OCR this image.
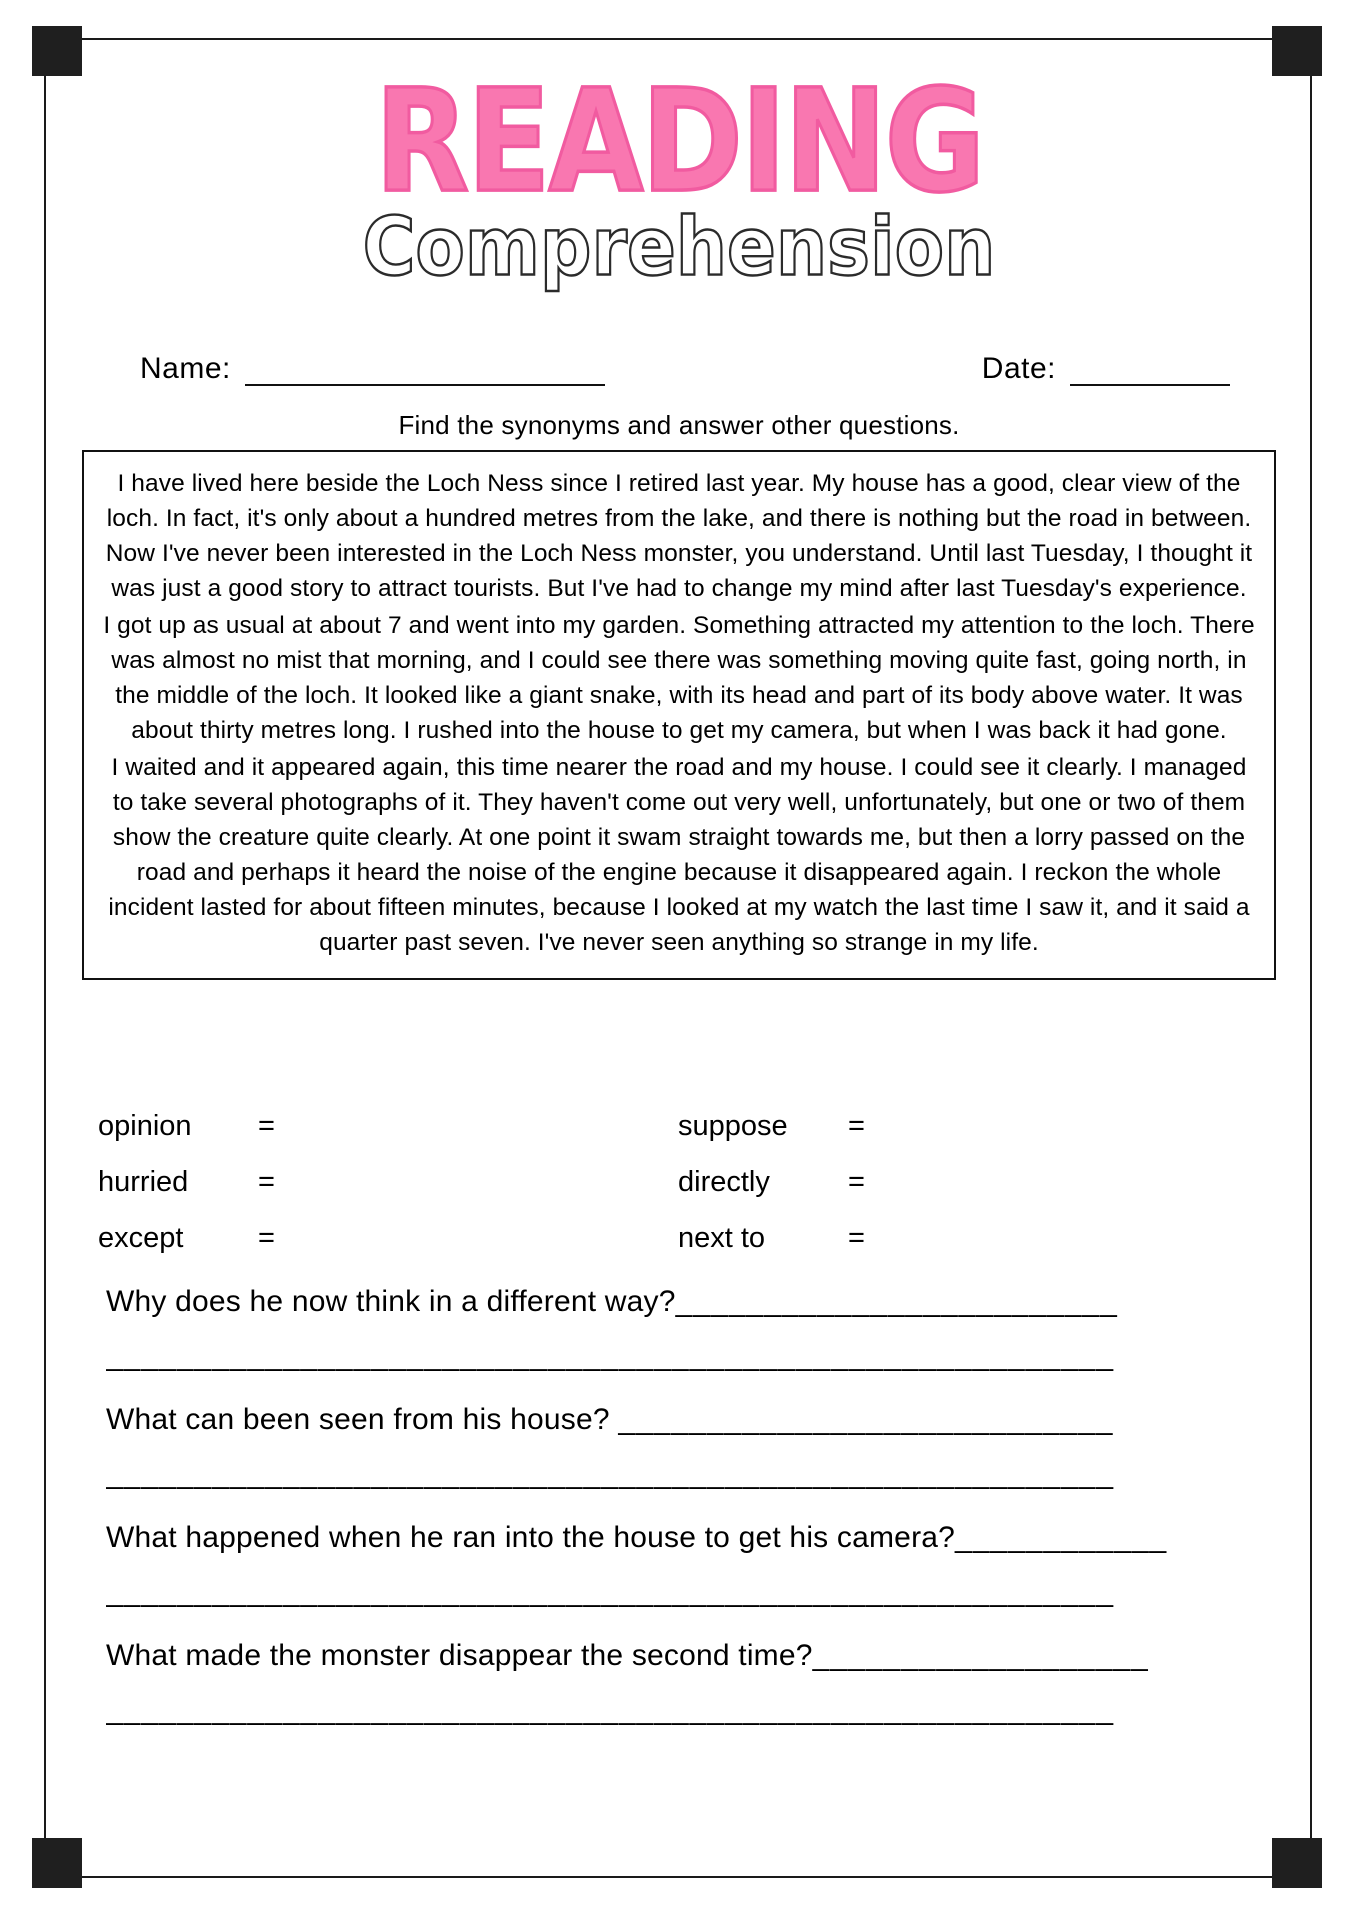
READING
Comprehension
Name:	Date:
Find the synonyms and answer other questions.

I have lived here beside the Loch Ness since I retired last year. My house has a good, clear view of the loch. In fact, it's only about a hundred metres from the lake, and there is nothing but the road in between. Now I've never been interested in the Loch Ness monster, you understand. Until last Tuesday, I thought it was just a good story to attract tourists. But I've had to change my mind after last Tuesday's experience.

I got up as usual at about 7 and went into my garden. Something attracted my attention to the loch. There was almost no mist that morning, and I could see there was something moving quite fast, going north, in the middle of the loch. It looked like a giant snake, with its head and part of its body above water. It was about thirty metres long. I rushed into the house to get my camera, but when I was back it had gone.

I waited and it appeared again, this time nearer the road and my house. I could see it clearly. I managed to take several photographs of it. They haven't come out very well, unfortunately, but one or two of them show the creature quite clearly. At one point it swam straight towards me, but then a lorry passed on the road and perhaps it heard the noise of the engine because it disappeared again. I reckon the whole incident lasted for about fifteen minutes, because I looked at my watch the last time I saw it, and it said a quarter past seven. I've never seen anything so strange in my life.

opinion	=	suppose	=
hurried	=	directly	=
except	=	next to	=
Why does he now think in a different way?_________________________
_________________________________________________________
What can been seen from his house? ____________________________
_________________________________________________________
What happened when he ran into the house to get his camera?____________
_________________________________________________________
What made the monster disappear the second time?___________________
_________________________________________________________
